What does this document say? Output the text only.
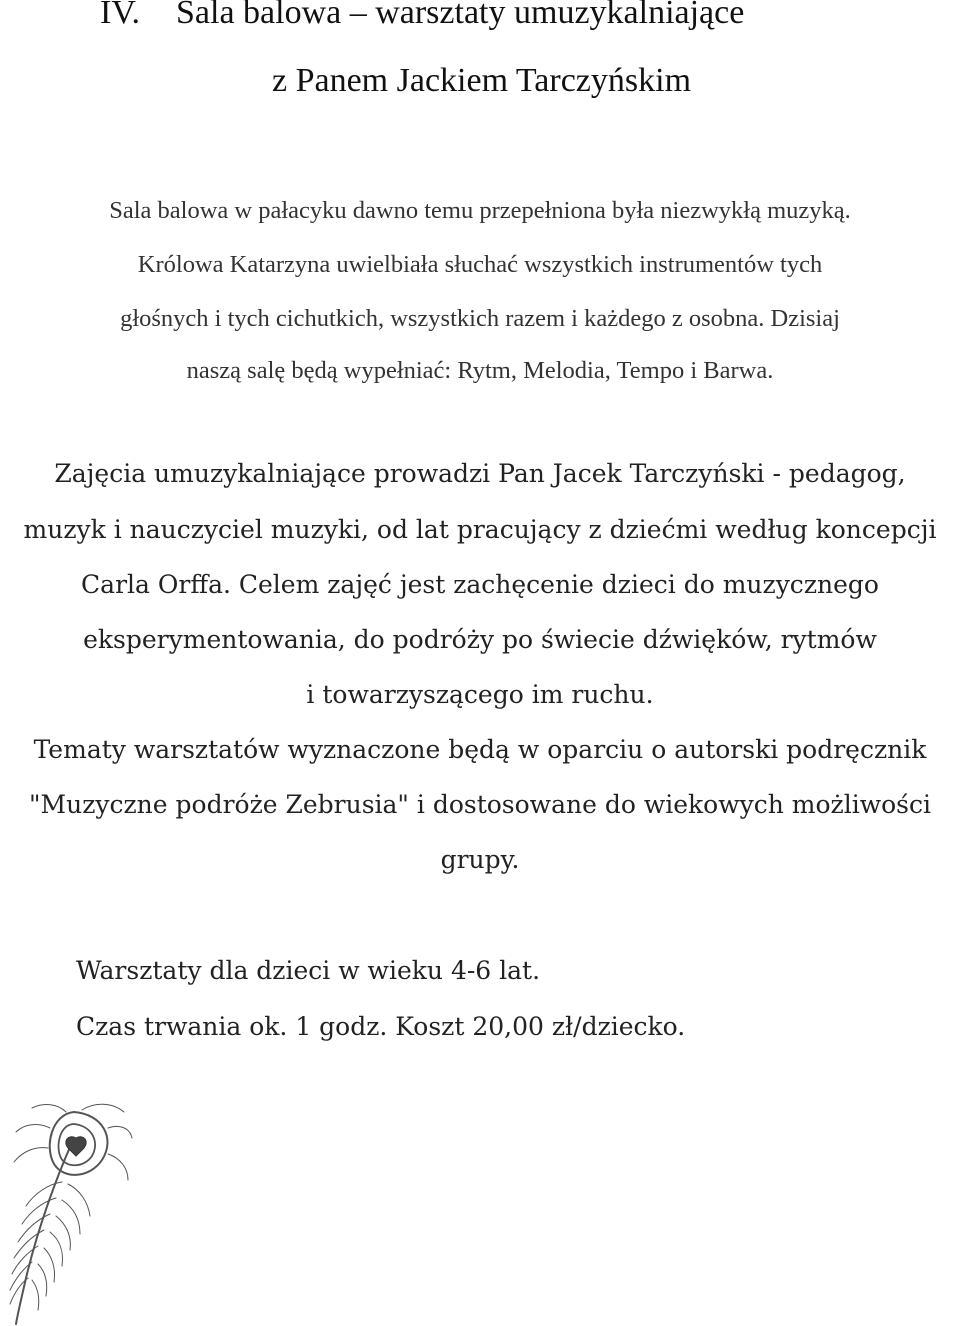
IV. Sala balowa – warsztaty umuzykalniające
z Panem Jackiem Tarczyńskim

Sala balowa w pałacyku dawno temu przepełniona była niezwykłą muzyką.

Królowa Katarzyna uwielbiała słuchać wszystkich instrumentów tych

głośnych i tych cichutkich, wszystkich razem i każdego z osobna. Dzisiaj

naszą salę będą wypełniać: Rytm, Melodia, Tempo i Barwa.

Zajęcia umuzykalniające prowadzi Pan Jacek Tarczyński - pedagog,

muzyk i nauczyciel muzyki, od lat pracujący z dziećmi według koncepcji

Carla Orffa. Celem zajęć jest zachęcenie dzieci do muzycznego

eksperymentowania, do podróży po świecie dźwięków, rytmów

i towarzyszącego im ruchu.

Tematy warsztatów wyznaczone będą w oparciu o autorski podręcznik

"Muzyczne podróże Zebrusia" i dostosowane do wiekowych możliwości

grupy.

Warsztaty dla dzieci w wieku 4-6 lat.

Czas trwania ok. 1 godz. Koszt 20,00 zł/dziecko.
